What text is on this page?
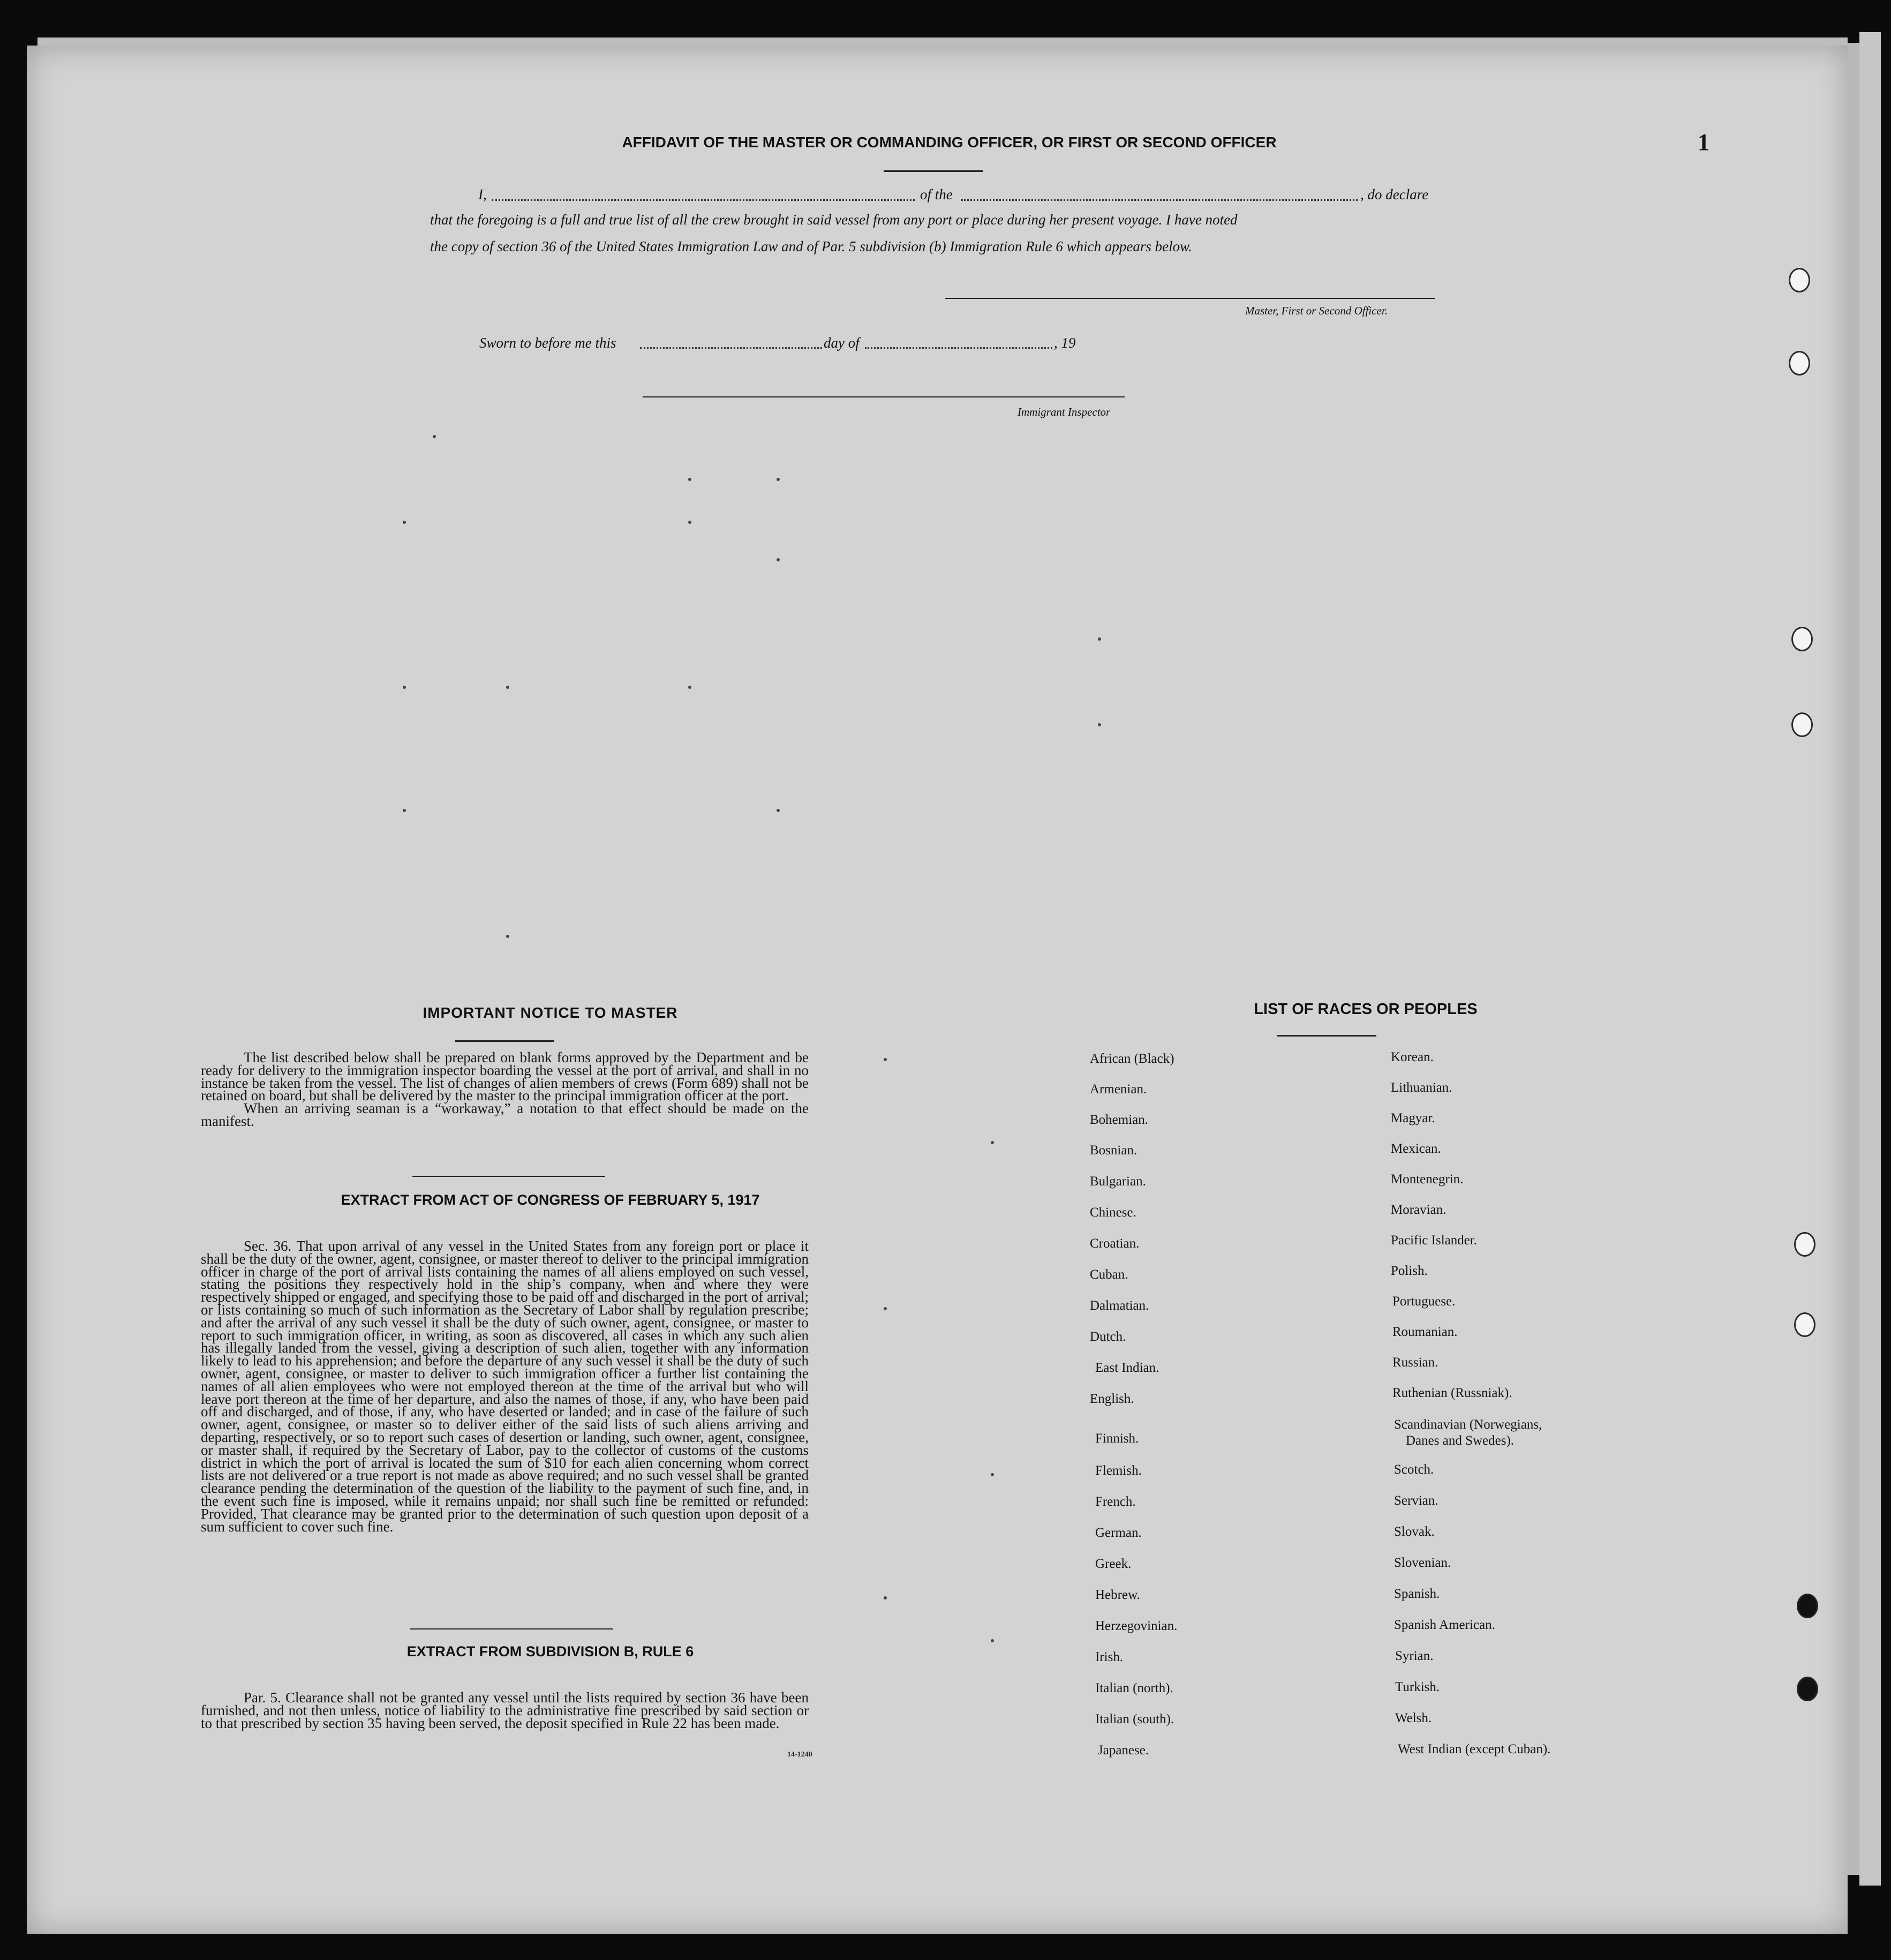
1
AFFIDAVIT OF THE MASTER OR COMMANDING OFFICER, OR FIRST OR SECOND OFFICER
I,	of the	, do declare
that the foregoing is a full and true list of all the crew brought in said vessel from any port or place during her present voyage. I have noted
the copy of section 36 of the United States Immigration Law and of Par. 5 subdivision (b) Immigration Rule 6 which appears below.
Master, First or Second Officer.
Sworn to before me this	day of	, 19
Immigrant Inspector
IMPORTANT NOTICE TO MASTER

The list described below shall be prepared on blank forms approved by the Department and be ready for delivery to the immigration inspector boarding the vessel at the port of arrival, and shall in no instance be taken from the vessel. The list of changes of alien members of crews (Form 689) shall not be retained on board, but shall be delivered by the master to the principal immigration officer at the port.

When an arriving seaman is a “workaway,” a notation to that effect should be made on the manifest.

EXTRACT FROM ACT OF CONGRESS OF FEBRUARY 5, 1917

Sec. 36. That upon arrival of any vessel in the United States from any foreign port or place it shall be the duty of the owner, agent, consignee, or master thereof to deliver to the principal immigration officer in charge of the port of arrival lists containing the names of all aliens employed on such vessel, stating the positions they respectively hold in the ship’s company, when and where they were respectively shipped or engaged, and specifying those to be paid off and discharged in the port of arrival; or lists containing so much of such information as the Secretary of Labor shall by regulation prescribe; and after the arrival of any such vessel it shall be the duty of such owner, agent, consignee, or master to report to such immigration officer, in writing, as soon as discovered, all cases in which any such alien has illegally landed from the vessel, giving a description of such alien, together with any information likely to lead to his apprehension; and before the departure of any such vessel it shall be the duty of such owner, agent, consignee, or master to deliver to such immigration officer a further list containing the names of all alien employees who were not employed thereon at the time of the arrival but who will leave port thereon at the time of her departure, and also the names of those, if any, who have been paid off and discharged, and of those, if any, who have deserted or landed; and in case of the failure of such owner, agent, consignee, or master so to deliver either of the said lists of such aliens arriving and departing, respectively, or so to report such cases of desertion or landing, such owner, agent, consignee, or master shall, if required by the Secretary of Labor, pay to the collector of customs of the customs district in which the port of arrival is located the sum of $10 for each alien concerning whom correct lists are not delivered or a true report is not made as above required; and no such vessel shall be granted clearance pending the determination of the question of the liability to the payment of such fine, and, in the event such fine is imposed, while it remains unpaid; nor shall such fine be remitted or refunded: Provided, That clearance may be granted prior to the determination of such question upon deposit of a sum sufficient to cover such fine.

EXTRACT FROM SUBDIVISION B, RULE 6

Par. 5. Clearance shall not be granted any vessel until the lists required by section 36 have been furnished, and not then unless, notice of liability to the administrative fine prescribed by said section or to that prescribed by section 35 having been served, the deposit specified in Rule 22 has been made.

14-1240
LIST OF RACES OR PEOPLES
African (Black)
Armenian.
Bohemian.
Bosnian.
Bulgarian.
Chinese.
Croatian.
Cuban.
Dalmatian.
Dutch.
East Indian.
English.
Finnish.
Flemish.
French.
German.
Greek.
Hebrew.
Herzegovinian.
Irish.
Italian (north).
Italian (south).
Japanese.
Korean.
Lithuanian.
Magyar.
Mexican.
Montenegrin.
Moravian.
Pacific Islander.
Polish.
Portuguese.
Roumanian.
Russian.
Ruthenian (Russniak).
Scandinavian (Norwegians,
Danes and Swedes).
Scotch.
Servian.
Slovak.
Slovenian.
Spanish.
Spanish American.
Syrian.
Turkish.
Welsh.
West Indian (except Cuban).
